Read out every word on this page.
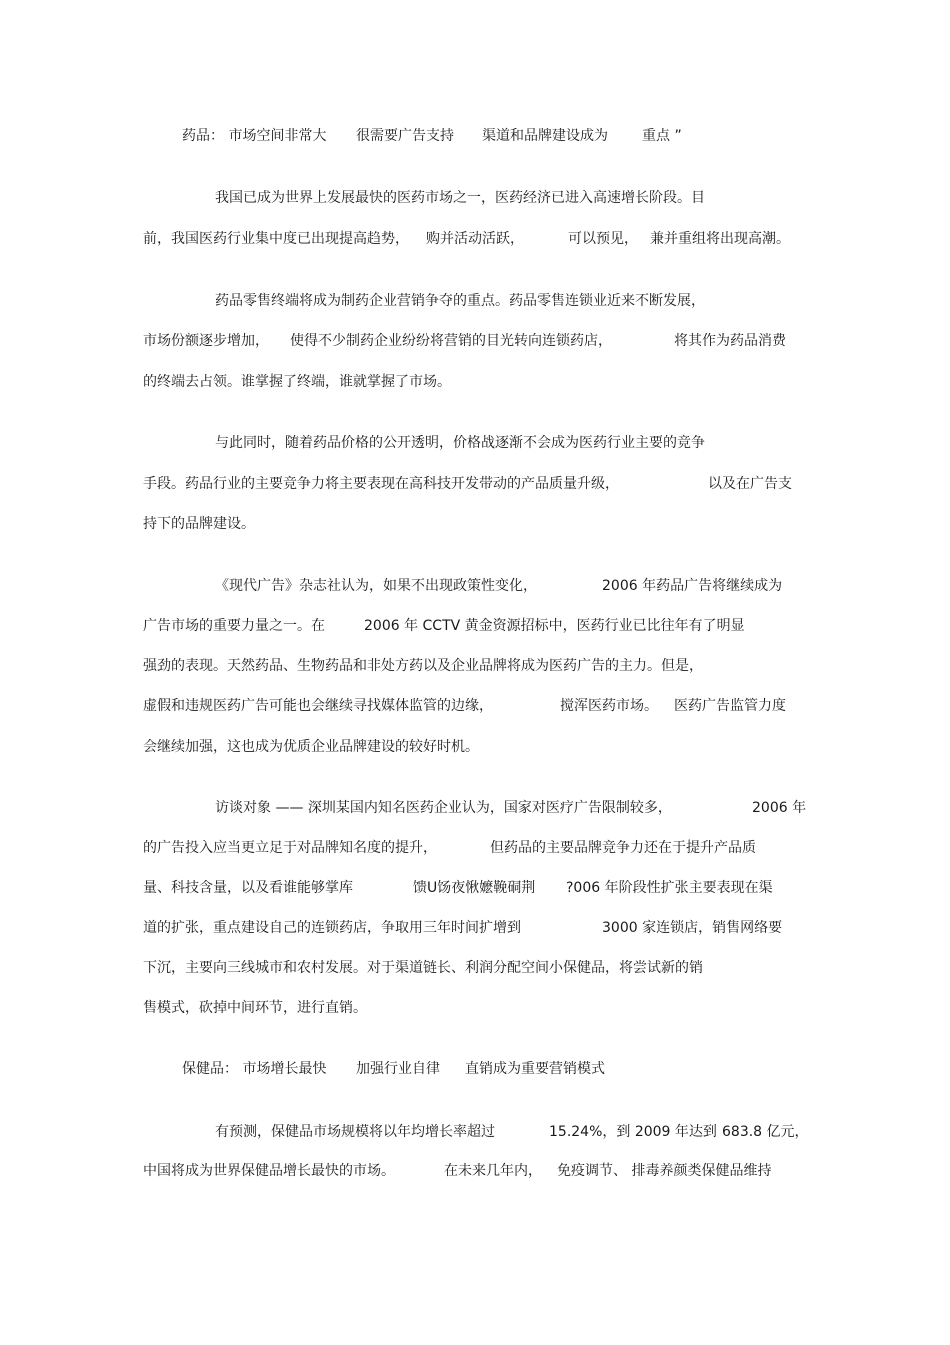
药品： 市场空间非常大 很需要广告支持 渠道和品牌建设成为 重点 ”
我国已成为世界上发展最快的医药市场之一，医药经济已进入高速增长阶段。目
前，我国医药行业集中度已出现提高趋势， 购并活动活跃，	可以预见， 兼并重组将出现高潮。
药品零售终端将成为制药企业营销争夺的重点。药品零售连锁业近来不断发展，
市场份额逐步增加， 使得不少制药企业纷纷将营销的目光转向连锁药店，	将其作为药品消费
的终端去占领。谁掌握了终端，谁就掌握了市场。
与此同时，随着药品价格的公开透明，价格战逐渐不会成为医药行业主要的竞争
手段。药品行业的主要竞争力将主要表现在高科技开发带动的产品质量升级，	以及在广告支
持下的品牌建设。
《现代广告》杂志社认为，如果不出现政策性变化，	2006 年药品广告将继续成为
广告市场的重要力量之一。在	2006 年 CCTV 黄金资源招标中，医药行业已比往年有了明显
强劲的表现。天然药品、生物药品和非处方药以及企业品牌将成为医药广告的主力。但是，
虚假和违规医药广告可能也会继续寻找媒体监管的边缘，	搅浑医药市场。 医药广告监管力度
会继续加强，这也成为优质企业品牌建设的较好时机。
访谈对象 —— 深圳某国内知名医药企业认为，国家对医疗广告限制较多，	2006 年
的广告投入应当更立足于对品牌知名度的提升，	但药品的主要品牌竞争力还在于提升产品质
量、科技含量，以及看谁能够掌库	馈U饧夜愀嬷鞔硐荆 ?006 年阶段性扩张主要表现在渠
道的扩张，重点建设自己的连锁药店，争取用三年时间扩增到	3000 家连锁店，销售网络要
下沉，主要向三线城市和农村发展。对于渠道链长、利润分配空间小保健品，将尝试新的销
售模式，砍掉中间环节，进行直销。
保健品： 市场增长最快 加强行业自律 直销成为重要营销模式
有预测，保健品市场规模将以年均增长率超过	15.24%，到 2009 年达到 683.8 亿元，
中国将成为世界保健品增长最快的市场。	在未来几年内， 免疫调节、 排毒养颜类保健品维持
